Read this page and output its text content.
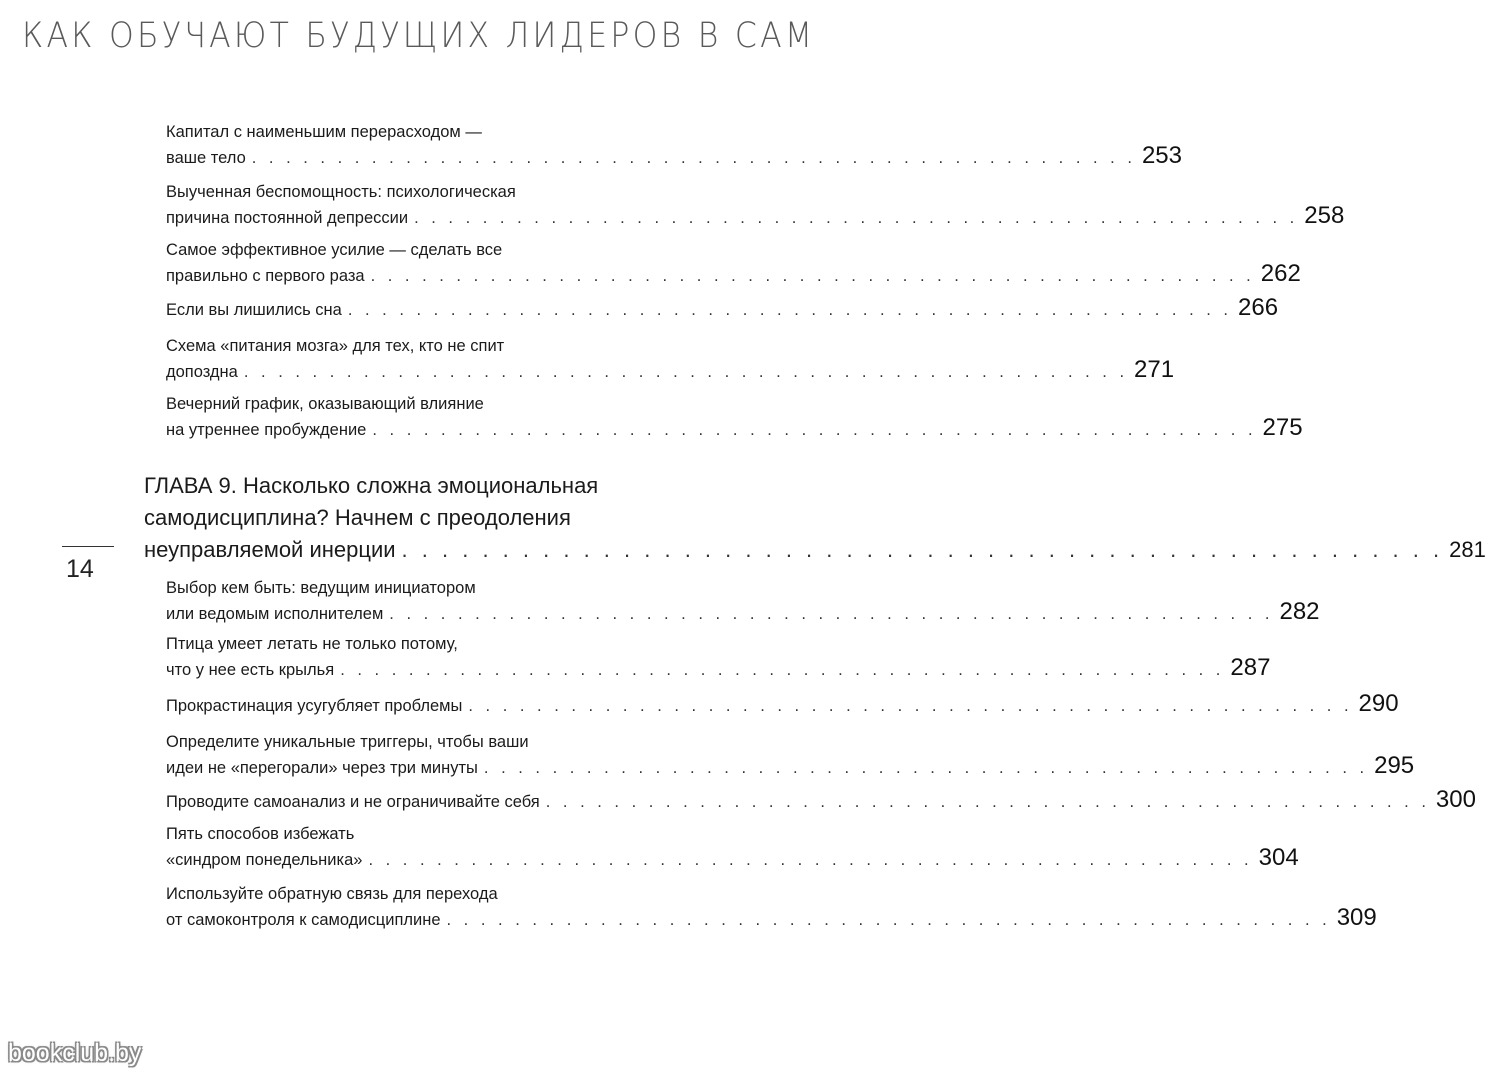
КАК ОБУЧАЮТ БУДУЩИХ ЛИДЕРОВ В САМ
Капитал с наименьшим перерасходом —
ваше тело . . .	253
Выученная беспомощность: психологическая
причина постоянной депрессии . . .	258
Самое эффективное усилие — сделать все
правильно с первого раза . . .	262
Если вы лишились сна . . .	266
Схема «питания мозга» для тех, кто не спит
допоздна . . .	271
Вечерний график, оказывающий влияние
на утреннее пробуждение . . .	275
ГЛАВА 9. Насколько сложна эмоциональная
самодисциплина? Начнем с преодоления
неуправляемой инерции . . .	281
14
Выбор кем быть: ведущим инициатором
или ведомым исполнителем . . .	282
Птица умеет летать не только потому,
что у нее есть крылья . . .	287
Прокрастинация усугубляет проблемы . . .	290
Определите уникальные триггеры, чтобы ваши
идеи не «перегорали» через три минуты . . .	295
Проводите самоанализ и не ограничивайте себя . . .	300
Пять способов избежать
«синдром понедельника» . . .	304
Используйте обратную связь для перехода
от самоконтроля к самодисциплине . . .	309
bookclub.by
